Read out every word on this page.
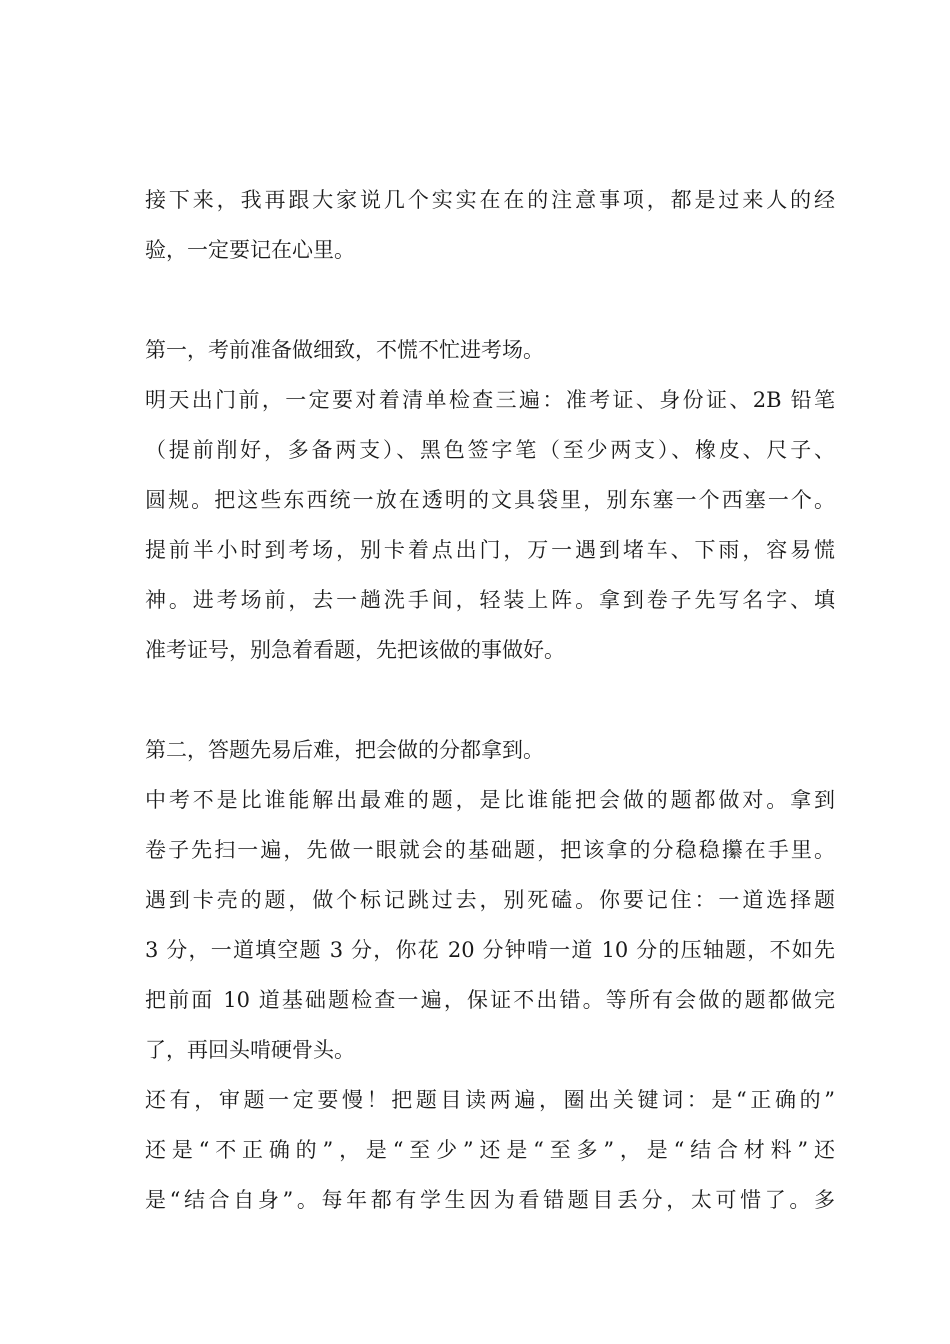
接下来，我再跟大家说几个实实在在的注意事项，都是过来人的经

验，一定要记在心里。

第一，考前准备做细致，不慌不忙进考场。

明天出门前，一定要对着清单检查三遍：准考证、身份证、2B 铅笔

（提前削好，多备两支）、黑色签字笔（至少两支）、橡皮、尺子、

圆规。把这些东西统一放在透明的文具袋里，别东塞一个西塞一个。

提前半小时到考场，别卡着点出门，万一遇到堵车、下雨，容易慌

神。进考场前，去一趟洗手间，轻装上阵。拿到卷子先写名字、填

准考证号，别急着看题，先把该做的事做好。

第二，答题先易后难，把会做的分都拿到。

中考不是比谁能解出最难的题，是比谁能把会做的题都做对。拿到

卷子先扫一遍，先做一眼就会的基础题，把该拿的分稳稳攥在手里。

遇到卡壳的题，做个标记跳过去，别死磕。你要记住：一道选择题

3 分，一道填空题 3 分，你花 20 分钟啃一道 10 分的压轴题，不如先

把前面 10 道基础题检查一遍，保证不出错。等所有会做的题都做完

了，再回头啃硬骨头。

还有，审题一定要慢！把题目读两遍，圈出关键词：是“正确的”

还是“不正确的”，是“至少”还是“至多”，是“结合材料”还

是“结合自身”。每年都有学生因为看错题目丢分，太可惜了。多
